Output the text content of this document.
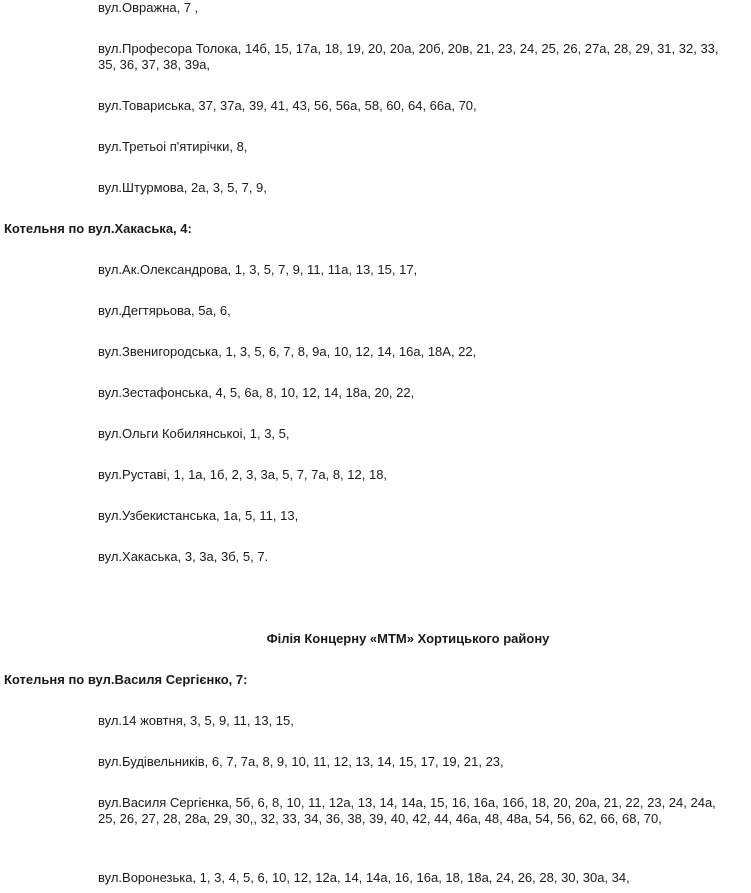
вул.Овражна, 7 ,
вул.Професора Толока, 14б, 15, 17а, 18, 19, 20, 20а, 20б, 20в, 21, 23, 24, 25, 26, 27а, 28, 29, 31, 32, 33, 35, 36, 37, 38, 39а,
вул.Товариська, 37, 37а, 39, 41, 43, 56, 56а, 58, 60, 64, 66а, 70,
вул.Третьоі п'ятирічки, 8,
вул.Штурмова, 2а, 3, 5, 7, 9,
Котельня по вул.Хакаська, 4:
вул.Ак.Олександрова, 1, 3, 5, 7, 9, 11, 11а, 13, 15, 17,
вул.Дегтярьова, 5а, 6,
вул.Звенигородська, 1, 3, 5, 6, 7, 8, 9а, 10, 12, 14, 16а, 18А, 22,
вул.Зестафонська, 4, 5, 6а, 8, 10, 12, 14, 18а, 20, 22,
вул.Ольги Кобилянськоі, 1, 3, 5,
вул.Руставі, 1, 1а, 1б, 2, 3, 3а, 5, 7, 7а, 8, 12, 18,
вул.Узбекистанська, 1а, 5, 11, 13,
вул.Хакаська, 3, 3а, 3б, 5, 7.
Філія Концерну «МТМ» Хортицького району
Котельня по вул.Василя Сергієнко, 7:
вул.14 жовтня, 3, 5, 9, 11, 13, 15,
вул.Будівельників, 6, 7, 7а, 8, 9, 10, 11, 12, 13, 14, 15, 17, 19, 21, 23,
вул.Василя Сергієнка, 5б, 6, 8, 10, 11, 12а, 13, 14, 14а, 15, 16, 16а, 16б, 18, 20, 20а, 21, 22, 23, 24, 24а, 25, 26, 27, 28, 28а, 29, 30,, 32, 33, 34, 36, 38, 39, 40, 42, 44, 46а, 48, 48а, 54, 56, 62, 66, 68, 70,
вул.Воронезька, 1, 3, 4, 5, 6, 10, 12, 12а, 14, 14а, 16, 16а, 18, 18а, 24, 26, 28, 30, 30а, 34,
